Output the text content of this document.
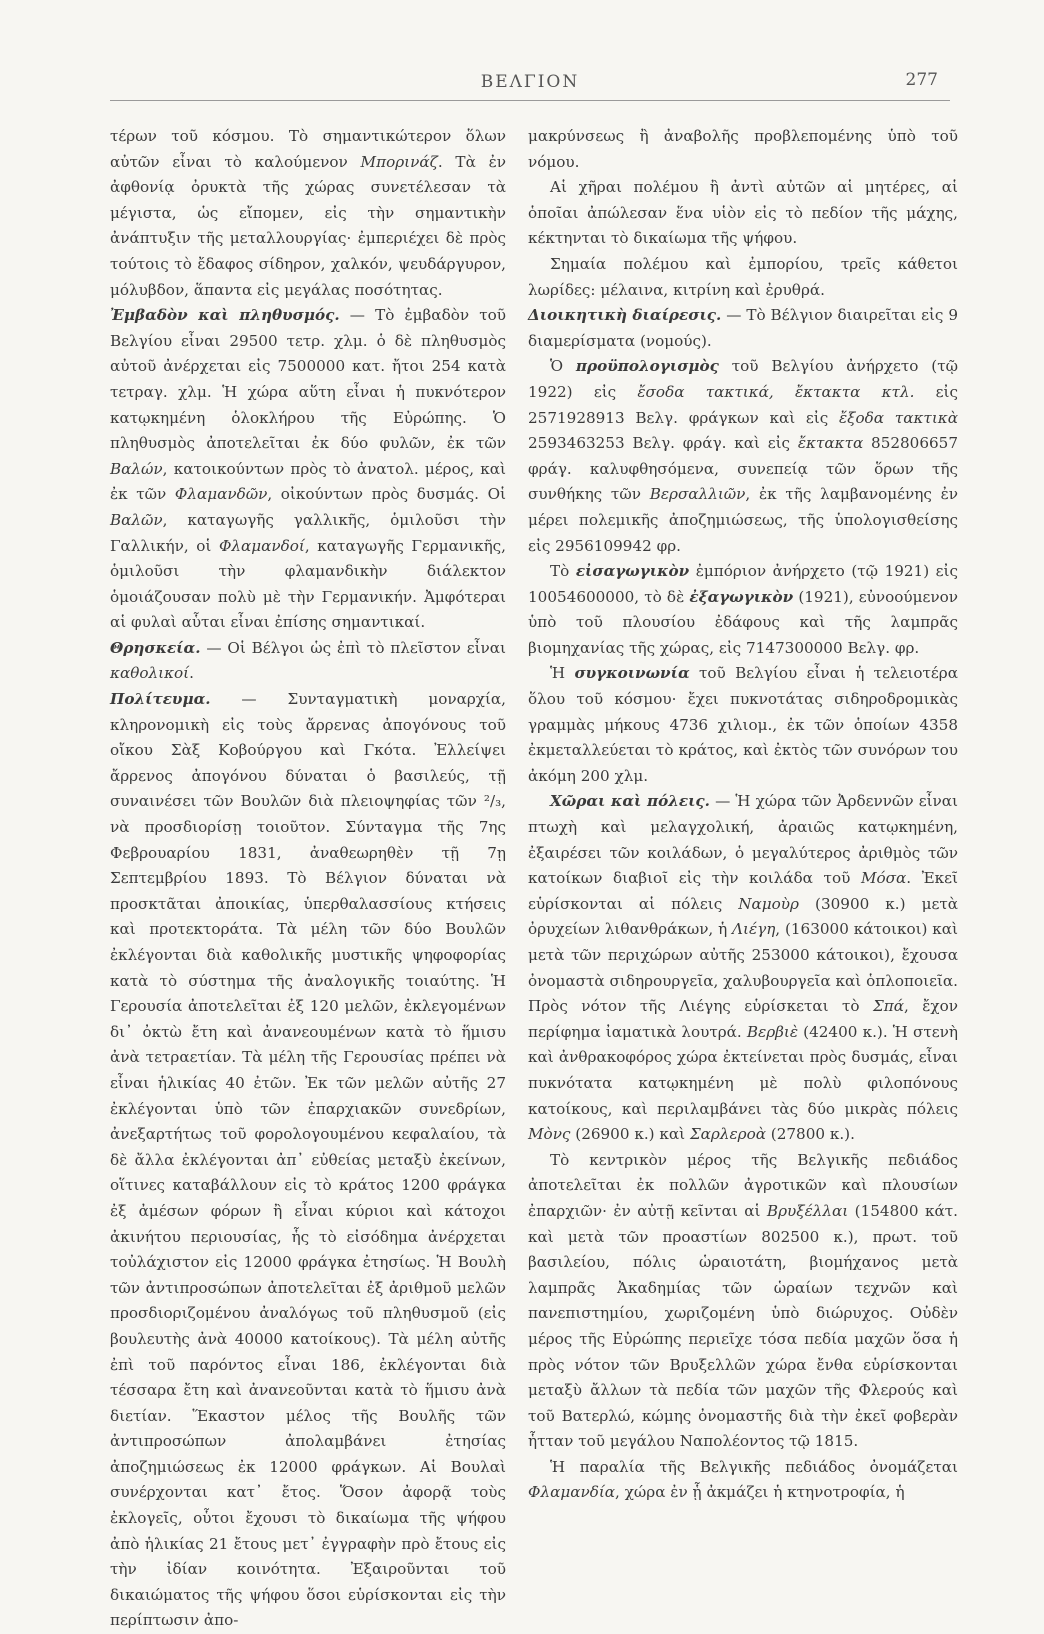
ΒΕΛΓΙΟΝ	277

τέρων τοῦ κόσμου. Τὸ σημαντικώτερον ὅλων αὐτῶν εἶναι τὸ καλούμενον Μπορινάζ. Τὰ ἐν ἀφθονίᾳ ὀρυκτὰ τῆς χώρας συνετέλεσαν τὰ μέγιστα, ὡς εἴπομεν, εἰς τὴν σημαντικὴν ἀνάπτυξιν τῆς μεταλλουργίας· ἐμπεριέχει δὲ πρὸς τούτοις τὸ ἔδαφος σίδηρον, χαλκόν, ψευδάργυρον, μόλυβδον, ἅπαντα εἰς μεγάλας ποσότητας.

Ἐμβαδὸν καὶ πληθυσμός. — Τὸ ἐμβαδὸν τοῦ Βελγίου εἶναι 29500 τετρ. χλμ. ὁ δὲ πληθυσμὸς αὐτοῦ ἀνέρχεται εἰς 7500000 κατ. ἤτοι 254 κατὰ τετραγ. χλμ. Ἡ χώρα αὕτη εἶναι ἡ πυκνότερον κατῳκημένη ὁλοκλήρου τῆς Εὐρώπης. Ὁ πληθυσμὸς ἀποτελεῖται ἐκ δύο φυλῶν, ἐκ τῶν Βαλών, κατοικούντων πρὸς τὸ ἀνατολ. μέρος, καὶ ἐκ τῶν Φλαμανδῶν, οἰκούντων πρὸς δυσμάς. Οἱ Βαλῶν, καταγωγῆς γαλλικῆς, ὁμιλοῦσι τὴν Γαλλικήν, οἱ Φλαμανδοί, καταγωγῆς Γερμανικῆς, ὁμιλοῦσι τὴν φλαμανδικὴν διάλεκτον ὁμοιάζουσαν πολὺ μὲ τὴν Γερμανικήν. Ἀμφότεραι αἱ φυλαὶ αὗται εἶναι ἐπίσης σημαντικαί.

Θρησκεία. — Οἱ Βέλγοι ὡς ἐπὶ τὸ πλεῖστον εἶναι καθολικοί.

Πολίτευμα. — Συνταγματικὴ μοναρχία, κληρονομικὴ εἰς τοὺς ἄρρενας ἀπογόνους τοῦ οἴκου Σὰξ Κοβούργου καὶ Γκότα. Ἐλλείψει ἄρρενος ἀπογόνου δύναται ὁ βασιλεύς, τῇ συναινέσει τῶν Βουλῶν διὰ πλειοψηφίας τῶν ²/₃, νὰ προσδιορίσῃ τοιοῦτον. Σύνταγμα τῆς 7ης Φεβρουαρίου 1831, ἀναθεωρηθὲν τῇ 7ῃ Σεπτεμβρίου 1893. Τὸ Βέλγιον δύναται νὰ προσκτᾶται ἀποικίας, ὑπερθαλασσίους κτήσεις καὶ προτεκτοράτα. Τὰ μέλη τῶν δύο Βουλῶν ἐκλέγονται διὰ καθολικῆς μυστικῆς ψηφοφορίας κατὰ τὸ σύστημα τῆς ἀναλογικῆς τοιαύτης. Ἡ Γερουσία ἀποτελεῖται ἐξ 120 μελῶν, ἐκλεγομένων δι᾽ ὀκτὼ ἔτη καὶ ἀνανεουμένων κατὰ τὸ ἥμισυ ἀνὰ τετραετίαν. Τὰ μέλη τῆς Γερουσίας πρέπει νὰ εἶναι ἡλικίας 40 ἐτῶν. Ἐκ τῶν μελῶν αὐτῆς 27 ἐκλέγονται ὑπὸ τῶν ἐπαρχιακῶν συνεδρίων, ἀνεξαρτήτως τοῦ φορολογουμένου κεφαλαίου, τὰ δὲ ἄλλα ἐκλέγονται ἀπ᾽ εὐθείας μεταξὺ ἐκείνων, οἵτινες καταβάλλουν εἰς τὸ κράτος 1200 φράγκα ἐξ ἀμέσων φόρων ἢ εἶναι κύριοι καὶ κάτοχοι ἀκινήτου περιουσίας, ἧς τὸ εἰσόδημα ἀνέρχεται τοὐλάχιστον εἰς 12000 φράγκα ἐτησίως. Ἡ Βουλὴ τῶν ἀντιπροσώπων ἀποτελεῖται ἐξ ἀριθμοῦ μελῶν προσδιοριζομένου ἀναλόγως τοῦ πληθυσμοῦ (εἰς βουλευτὴς ἀνὰ 40000 κατοίκους). Τὰ μέλη αὐτῆς ἐπὶ τοῦ παρόντος εἶναι 186, ἐκλέγονται διὰ τέσσαρα ἔτη καὶ ἀνανεοῦνται κατὰ τὸ ἥμισυ ἀνὰ διετίαν. Ἕκαστον μέλος τῆς Βουλῆς τῶν ἀντιπροσώπων ἀπολαμβάνει ἐτησίας ἀποζημιώσεως ἐκ 12000 φράγκων. Αἱ Βουλαὶ συνέρχονται κατ᾽ ἔτος. Ὅσον ἀφορᾷ τοὺς ἐκλογεῖς, οὗτοι ἔχουσι τὸ δικαίωμα τῆς ψήφου ἀπὸ ἡλικίας 21 ἔτους μετ᾽ ἐγγραφὴν πρὸ ἔτους εἰς τὴν ἰδίαν κοινότητα. Ἐξαιροῦνται τοῦ δικαιώματος τῆς ψήφου ὅσοι εὑρίσκονται εἰς τὴν περίπτωσιν ἀπο-

μακρύνσεως ἢ ἀναβολῆς προβλεπομένης ὑπὸ τοῦ νόμου.

Αἱ χῆραι πολέμου ἢ ἀντὶ αὐτῶν αἱ μητέρες, αἱ ὁποῖαι ἀπώλεσαν ἕνα υἱὸν εἰς τὸ πεδίον τῆς μάχης, κέκτηνται τὸ δικαίωμα τῆς ψήφου.

Σημαία πολέμου καὶ ἐμπορίου, τρεῖς κάθετοι λωρίδες: μέλαινα, κιτρίνη καὶ ἐρυθρά.

Διοικητικὴ διαίρεσις. — Τὸ Βέλγιον διαιρεῖται εἰς 9 διαμερίσματα (νομούς).

Ὁ προϋπολογισμὸς τοῦ Βελγίου ἀνήρχετο (τῷ 1922) εἰς ἔσοδα τακτικά, ἔκτακτα κτλ. εἰς 2571928913 Βελγ. φράγκων καὶ εἰς ἔξοδα τακτικὰ 2593463253 Βελγ. φράγ. καὶ εἰς ἔκτακτα 852806657 φράγ. καλυφθησόμενα, συνεπείᾳ τῶν ὅρων τῆς συνθήκης τῶν Βερσαλλιῶν, ἐκ τῆς λαμβανομένης ἐν μέρει πολεμικῆς ἀποζημιώσεως, τῆς ὑπολογισθείσης εἰς 2956109942 φρ.

Τὸ εἰσαγωγικὸν ἐμπόριον ἀνήρχετο (τῷ 1921) εἰς 10054600000, τὸ δὲ ἐξαγωγικὸν (1921), εὐνοούμενον ὑπὸ τοῦ πλουσίου ἐδάφους καὶ τῆς λαμπρᾶς βιομηχανίας τῆς χώρας, εἰς 7147300000 Βελγ. φρ.

Ἡ συγκοινωνία τοῦ Βελγίου εἶναι ἡ τελειοτέρα ὅλου τοῦ κόσμου· ἔχει πυκνοτάτας σιδηροδρομικὰς γραμμὰς μήκους 4736 χιλιομ., ἐκ τῶν ὁποίων 4358 ἐκμεταλλεύεται τὸ κράτος, καὶ ἐκτὸς τῶν συνόρων του ἀκόμη 200 χλμ.

Χῶραι καὶ πόλεις. — Ἡ χώρα τῶν Ἀρδεννῶν εἶναι πτωχὴ καὶ μελαγχολική, ἀραιῶς κατῳκημένη, ἐξαιρέσει τῶν κοιλάδων, ὁ μεγαλύτερος ἀριθμὸς τῶν κατοίκων διαβιοῖ εἰς τὴν κοιλάδα τοῦ Μόσα. Ἐκεῖ εὑρίσκονται αἱ πόλεις Ναμοὺρ (30900 κ.) μετὰ ὀρυχείων λιθανθράκων, ἡ Λιέγη, (163000 κάτοικοι) καὶ μετὰ τῶν περιχώρων αὐτῆς 253000 κάτοικοι), ἔχουσα ὀνομαστὰ σιδηρουργεῖα, χαλυβουργεῖα καὶ ὁπλοποιεῖα. Πρὸς νότον τῆς Λιέγης εὑρίσκεται τὸ Σπά, ἔχον περίφημα ἰαματικὰ λουτρά. Βερβιὲ (42400 κ.). Ἡ στενὴ καὶ ἀνθρακοφόρος χώρα ἐκτείνεται πρὸς δυσμάς, εἶναι πυκνότατα κατῳκημένη μὲ πολὺ φιλοπόνους κατοίκους, καὶ περιλαμβάνει τὰς δύο μικρὰς πόλεις Μὸνς (26900 κ.) καὶ Σαρλεροὰ (27800 κ.).

Τὸ κεντρικὸν μέρος τῆς Βελγικῆς πεδιάδος ἀποτελεῖται ἐκ πολλῶν ἀγροτικῶν καὶ πλουσίων ἐπαρχιῶν· ἐν αὐτῇ κεῖνται αἱ Βρυξέλλαι (154800 κάτ. καὶ μετὰ τῶν προαστίων 802500 κ.), πρωτ. τοῦ βασιλείου, πόλις ὡραιοτάτη, βιομήχανος μετὰ λαμπρᾶς Ἀκαδημίας τῶν ὡραίων τεχνῶν καὶ πανεπιστημίου, χωριζομένη ὑπὸ διώρυχος. Οὐδὲν μέρος τῆς Εὐρώπης περιεῖχε τόσα πεδία μαχῶν ὅσα ἡ πρὸς νότον τῶν Βρυξελλῶν χώρα ἔνθα εὑρίσκονται μεταξὺ ἄλλων τὰ πεδία τῶν μαχῶν τῆς Φλερούς καὶ τοῦ Βατερλώ, κώμης ὀνομαστῆς διὰ τὴν ἐκεῖ φοβερὰν ἧτταν τοῦ μεγάλου Ναπολέοντος τῷ 1815.

Ἡ παραλία τῆς Βελγικῆς πεδιάδος ὀνομάζεται Φλαμανδία, χώρα ἐν ᾗ ἀκμάζει ἡ κτηνοτροφία, ἡ
